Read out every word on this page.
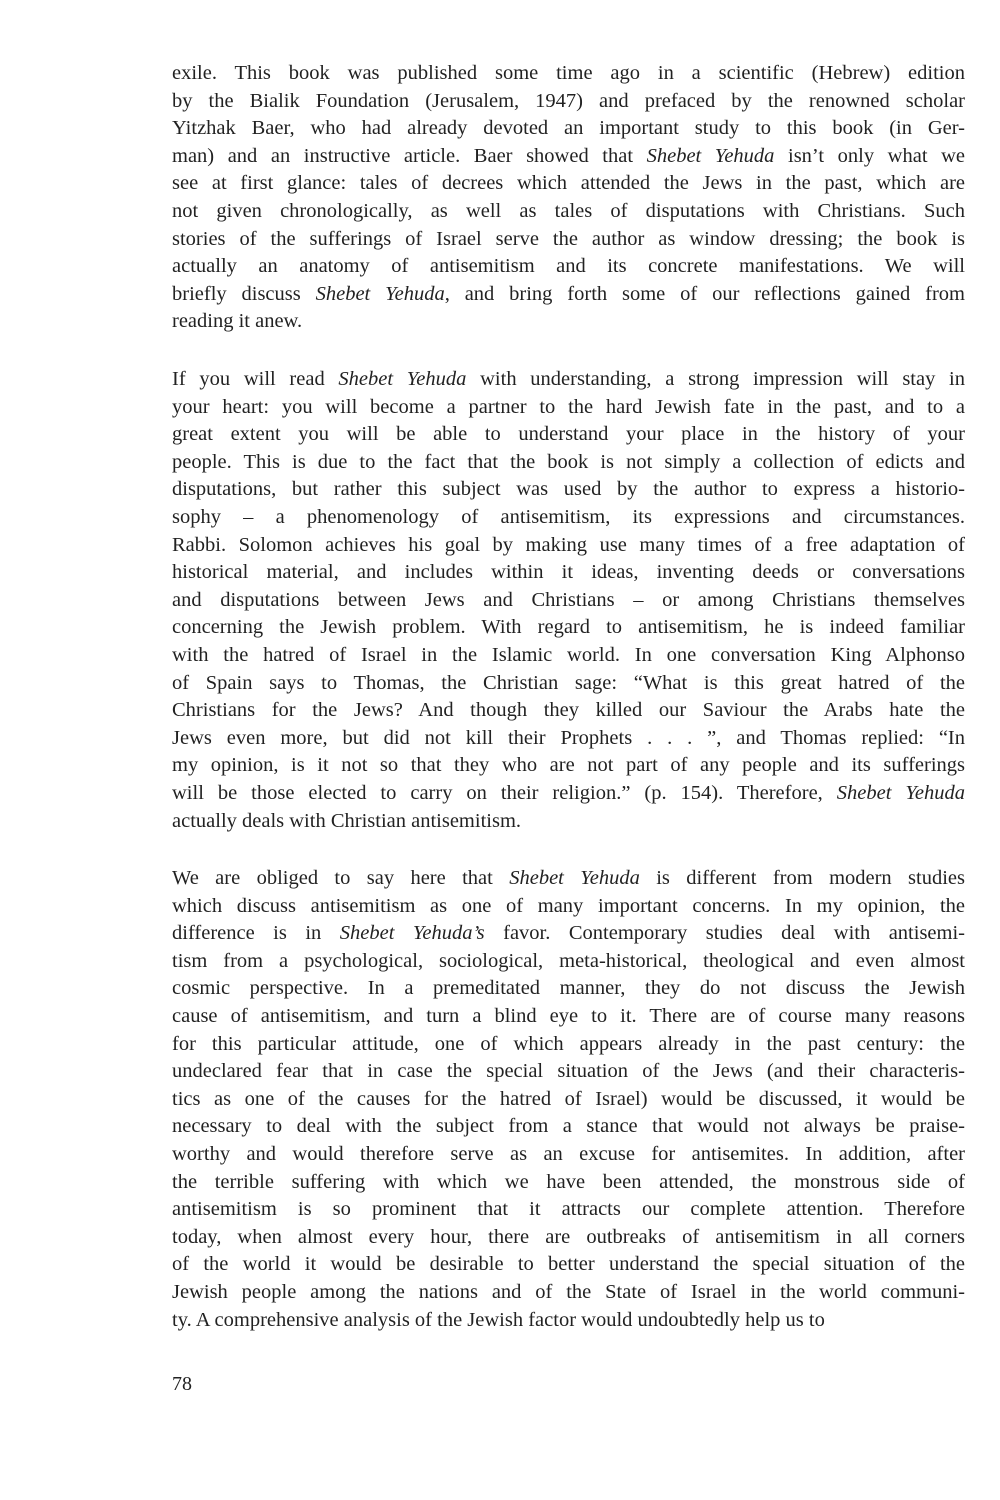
exile. This book was published some time ago in a scientific (Hebrew) edition
by the Bialik Foundation (Jerusalem, 1947) and prefaced by the renowned scholar
Yitzhak Baer, who had already devoted an important study to this book (in Ger-
man) and an instructive article. Baer showed that Shebet Yehuda isn’t only what we
see at first glance: tales of decrees which attended the Jews in the past, which are
not given chronologically, as well as tales of disputations with Christians. Such
stories of the sufferings of Israel serve the author as window dressing; the book is
actually an anatomy of antisemitism and its concrete manifestations. We will
briefly discuss Shebet Yehuda, and bring forth some of our reflections gained from
reading it anew.
If you will read Shebet Yehuda with understanding, a strong impression will stay in
your heart: you will become a partner to the hard Jewish fate in the past, and to a
great extent you will be able to understand your place in the history of your
people. This is due to the fact that the book is not simply a collection of edicts and
disputations, but rather this subject was used by the author to express a historio-
sophy – a phenomenology of antisemitism, its expressions and circumstances.
Rabbi. Solomon achieves his goal by making use many times of a free adaptation of
historical material, and includes within it ideas, inventing deeds or conversations
and disputations between Jews and Christians – or among Christians themselves
concerning the Jewish problem. With regard to antisemitism, he is indeed familiar
with the hatred of Israel in the Islamic world. In one conversation King Alphonso
of Spain says to Thomas, the Christian sage: “What is this great hatred of the
Christians for the Jews? And though they killed our Saviour the Arabs hate the
Jews even more, but did not kill their Prophets . . . ”, and Thomas replied: “In
my opinion, is it not so that they who are not part of any people and its sufferings
will be those elected to carry on their religion.” (p. 154). Therefore, Shebet Yehuda
actually deals with Christian antisemitism.
We are obliged to say here that Shebet Yehuda is different from modern studies
which discuss antisemitism as one of many important concerns. In my opinion, the
difference is in Shebet Yehuda’s favor. Contemporary studies deal with antisemi-
tism from a psychological, sociological, meta-historical, theological and even almost
cosmic perspective. In a premeditated manner, they do not discuss the Jewish
cause of antisemitism, and turn a blind eye to it. There are of course many reasons
for this particular attitude, one of which appears already in the past century: the
undeclared fear that in case the special situation of the Jews (and their characteris-
tics as one of the causes for the hatred of Israel) would be discussed, it would be
necessary to deal with the subject from a stance that would not always be praise-
worthy and would therefore serve as an excuse for antisemites. In addition, after
the terrible suffering with which we have been attended, the monstrous side of
antisemitism is so prominent that it attracts our complete attention. Therefore
today, when almost every hour, there are outbreaks of antisemitism in all corners
of the world it would be desirable to better understand the special situation of the
Jewish people among the nations and of the State of Israel in the world communi-
ty. A comprehensive analysis of the Jewish factor would undoubtedly help us to
78
